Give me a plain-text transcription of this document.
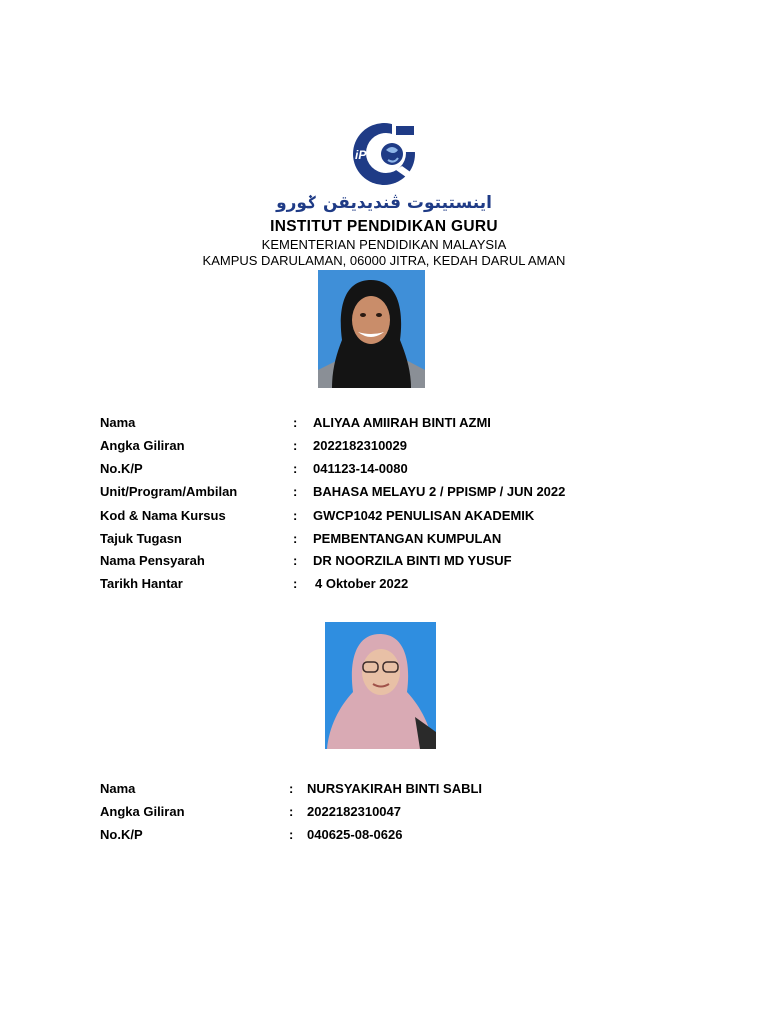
iPG
اينستيتوت ڤنديديقن ݢورو
INSTITUT PENDIDIKAN GURU
KEMENTERIAN PENDIDIKAN MALAYSIA
KAMPUS DARULAMAN, 06000 JITRA, KEDAH DARUL AMAN
Nama	:	ALIYAA AMIIRAH BINTI AZMI
Angka Giliran	:	2022182310029
No.K/P	:	041123-14-0080
Unit/Program/Ambilan	:	BAHASA MELAYU 2 / PPISMP / JUN 2022
Kod & Nama Kursus	:	GWCP1042 PENULISAN AKADEMIK
Tajuk Tugasn	:	PEMBENTANGAN KUMPULAN
Nama Pensyarah	:	DR NOORZILA BINTI MD YUSUF
Tarikh Hantar	:	4 Oktober 2022
Nama	:	NURSYAKIRAH BINTI SABLI
Angka Giliran	:	2022182310047
No.K/P	:	040625-08-0626
